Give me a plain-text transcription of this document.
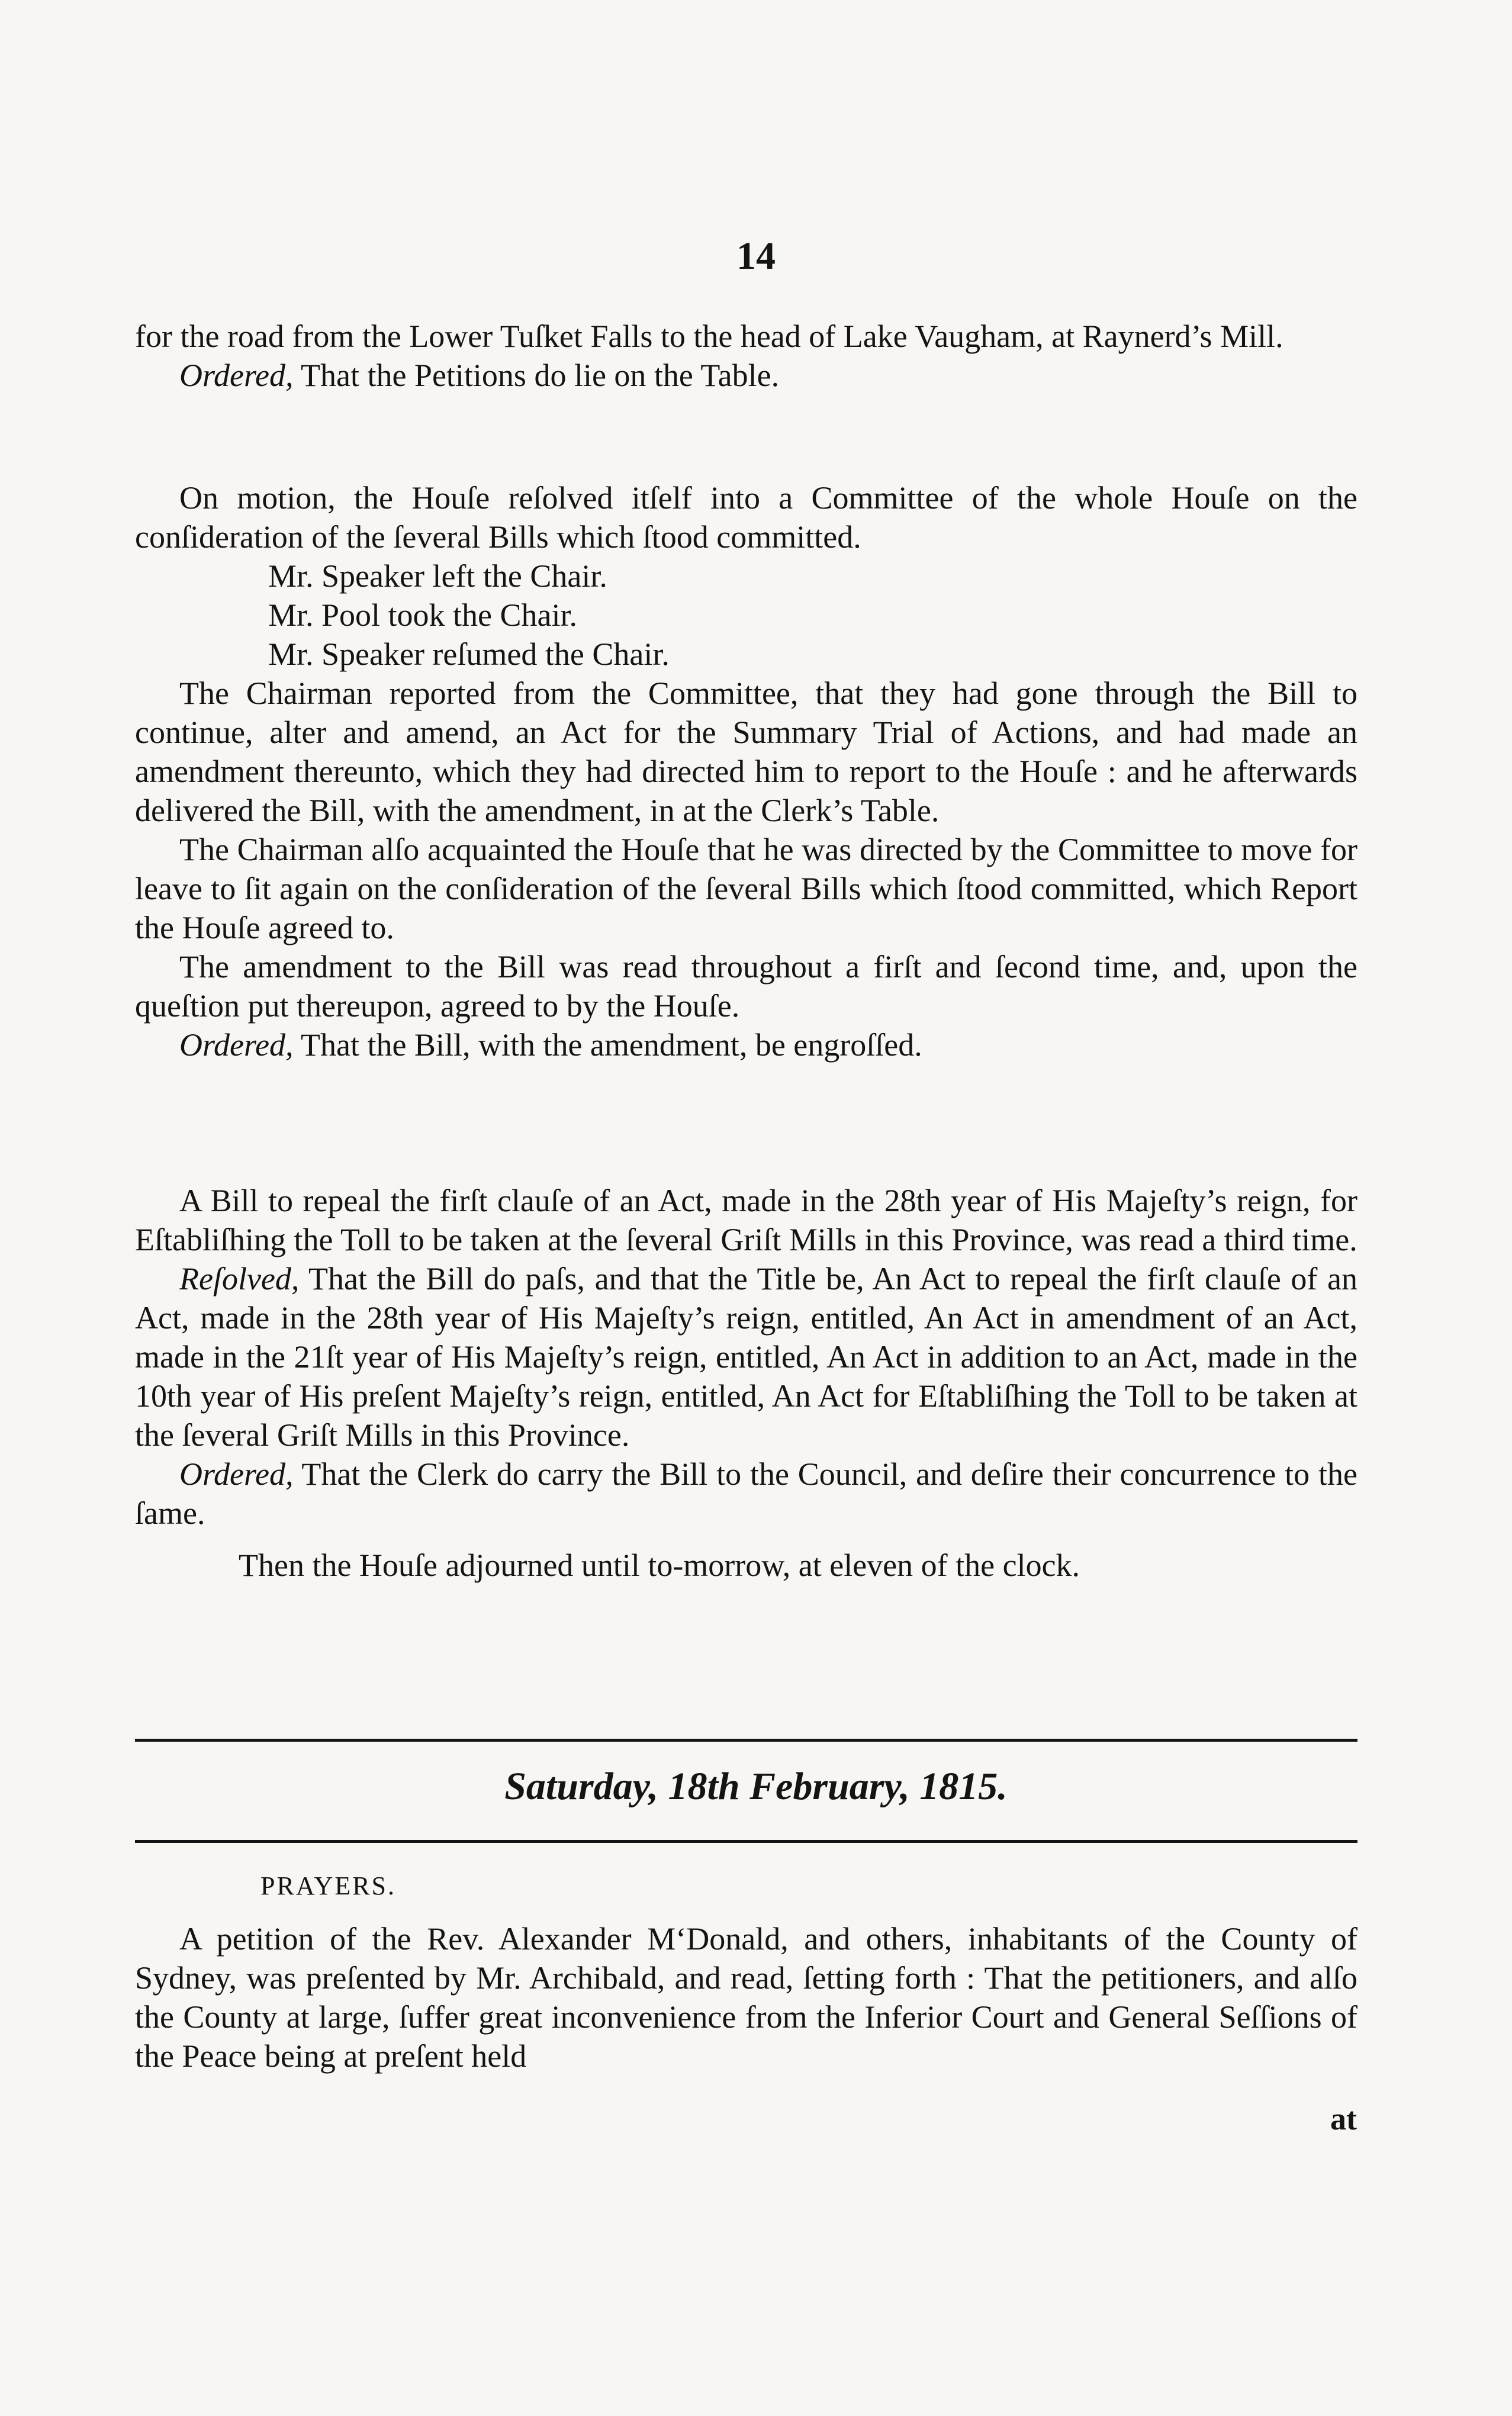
14

for the road from the Lower Tuſket Falls to the head of Lake Vaugham, at Raynerd’s Mill.

Ordered, That the Petitions do lie on the Table.

On motion, the Houſe reſolved itſelf into a Committee of the whole Houſe on the conſideration of the ſeveral Bills which ſtood committed.

Mr. Speaker left the Chair.

Mr. Pool took the Chair.

Mr. Speaker reſumed the Chair.

The Chairman reported from the Committee, that they had gone through the Bill to continue, alter and amend, an Act for the Summary Trial of Actions, and had made an amendment thereunto, which they had directed him to report to the Houſe : and he afterwards delivered the Bill, with the amendment, in at the Clerk’s Table.

The Chairman alſo acquainted the Houſe that he was directed by the Committee to move for leave to ſit again on the conſideration of the ſeveral Bills which ſtood committed, which Report the Houſe agreed to.

The amendment to the Bill was read throughout a firſt and ſecond time, and, upon the queſtion put thereupon, agreed to by the Houſe.

Ordered, That the Bill, with the amendment, be engroſſed.

A Bill to repeal the firſt clauſe of an Act, made in the 28th year of His Majeſty’s reign, for Eſtabliſhing the Toll to be taken at the ſeveral Griſt Mills in this Province, was read a third time.

Reſolved, That the Bill do paſs, and that the Title be, An Act to repeal the firſt clauſe of an Act, made in the 28th year of His Majeſty’s reign, entitled, An Act in amendment of an Act, made in the 21ſt year of His Majeſty’s reign, entitled, An Act in addition to an Act, made in the 10th year of His preſent Majeſty’s reign, entitled, An Act for Eſtabliſhing the Toll to be taken at the ſeveral Griſt Mills in this Province.

Ordered, That the Clerk do carry the Bill to the Council, and deſire their concurrence to the ſame.

Then the Houſe adjourned until to-morrow, at eleven of the clock.

Saturday, 18th February, 1815.
PRAYERS.

A petition of the Rev. Alexander M‘Donald, and others, inhabitants of the County of Sydney, was preſented by Mr. Archibald, and read, ſetting forth : That the petitioners, and alſo the County at large, ſuffer great inconvenience from the Inferior Court and General Seſſions of the Peace being at preſent held

at
